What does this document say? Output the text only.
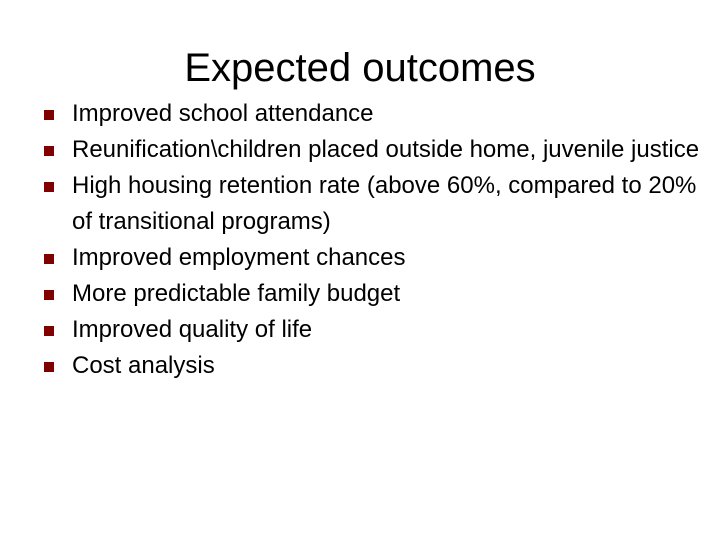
Expected outcomes
Improved school attendance
Reunification\children placed outside home, juvenile justice
High housing retention rate (above 60%, compared to 20% of transitional programs)
Improved employment chances
More predictable family budget
Improved quality of life
Cost analysis
